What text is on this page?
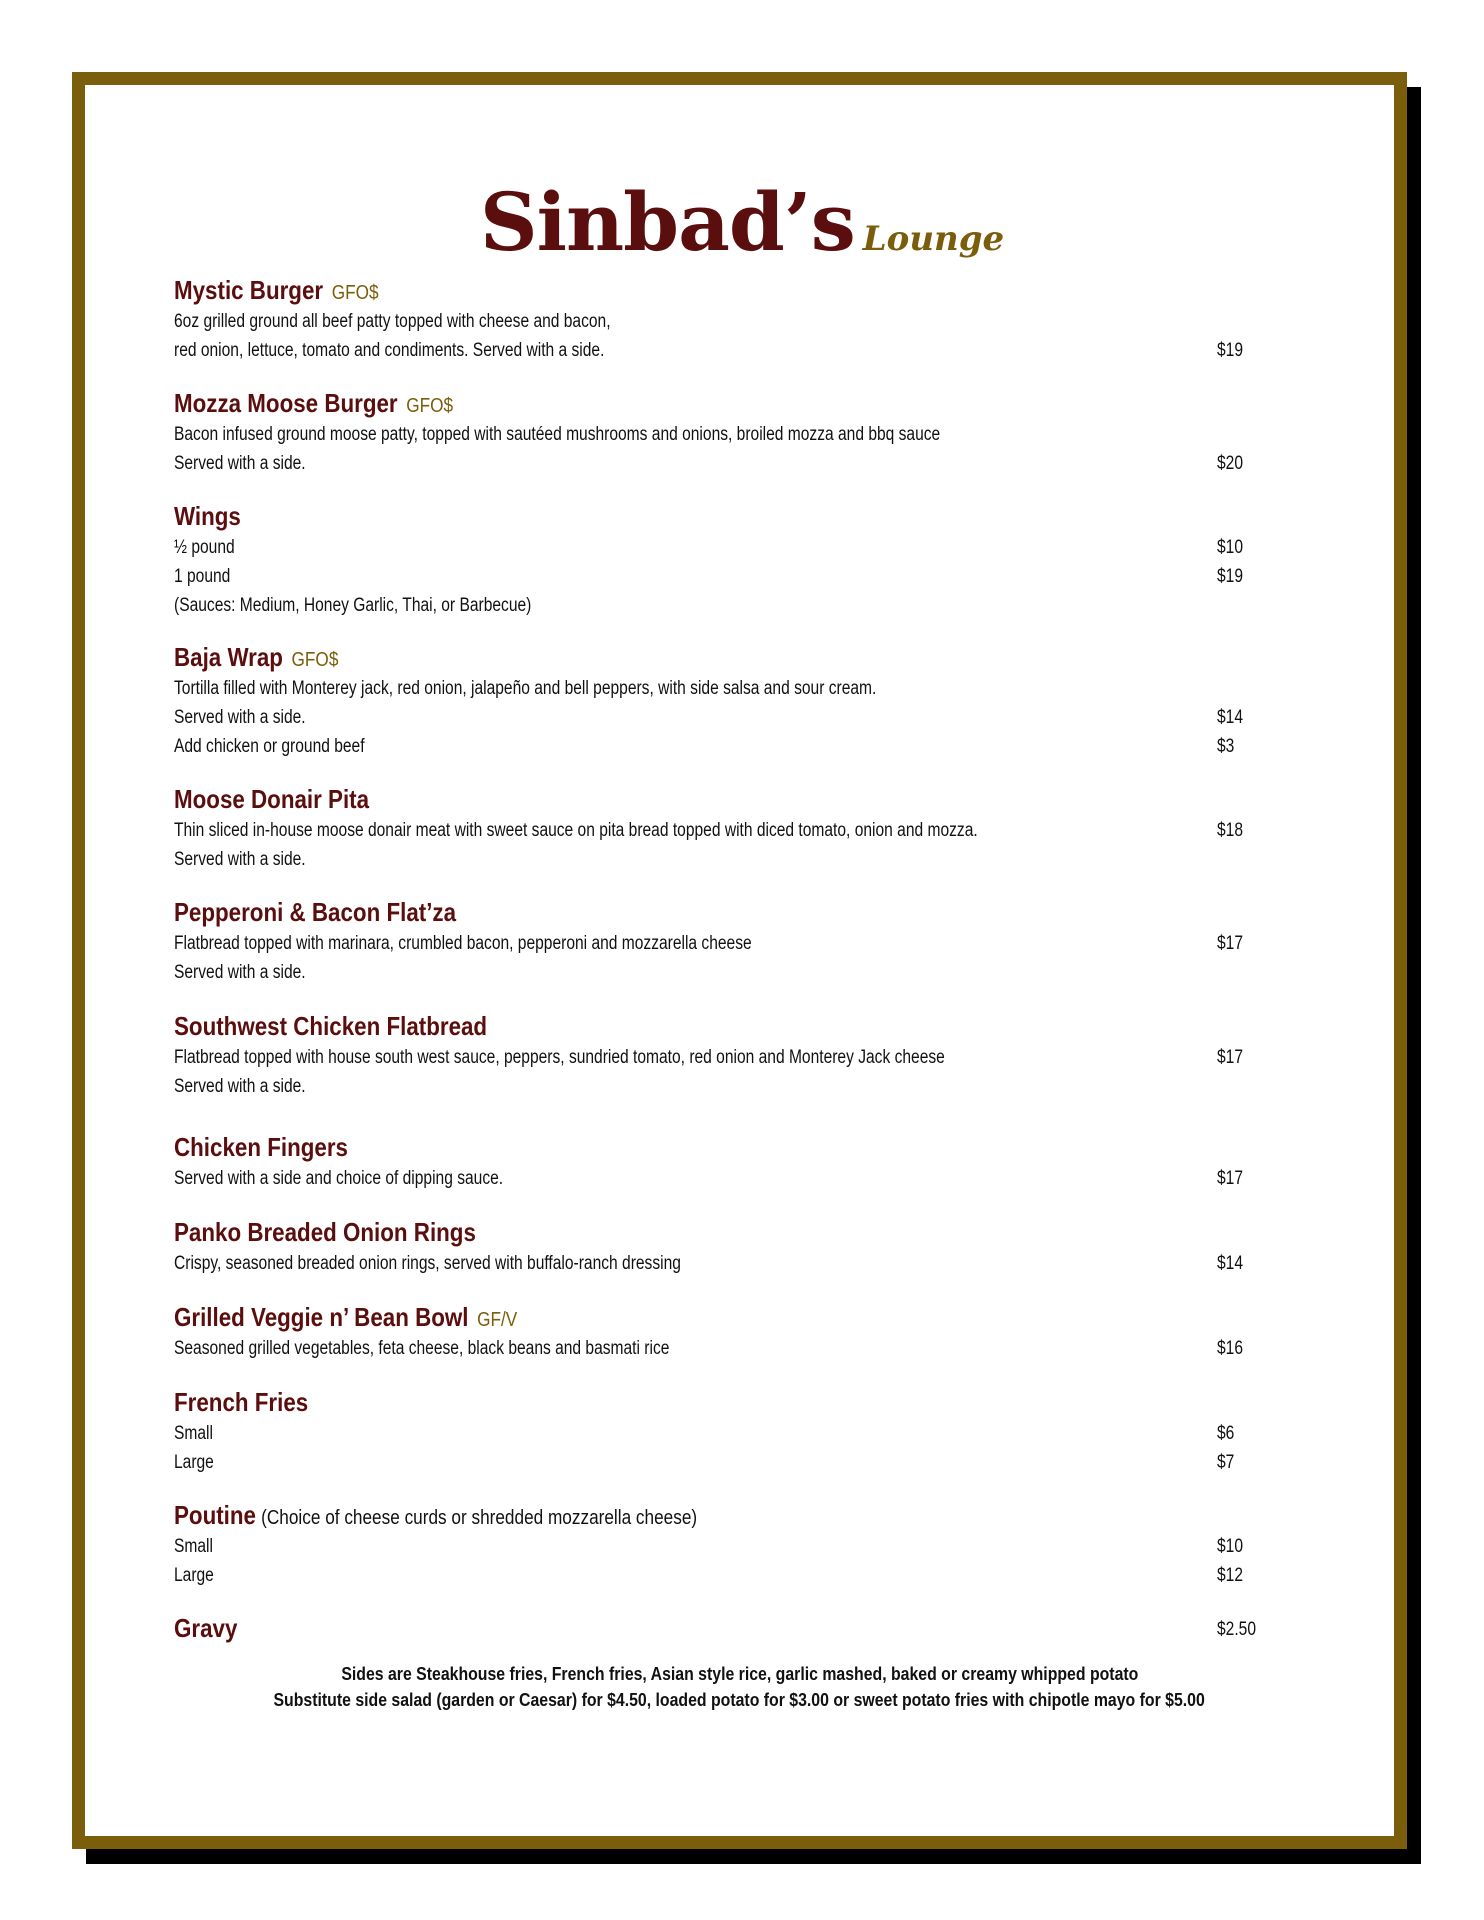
Sinbad’s Lounge
Mystic Burger GFO$
6oz grilled ground all beef patty topped with cheese and bacon,
red onion, lettuce, tomato and condiments. Served with a side.	$19
Mozza Moose Burger GFO$
Bacon infused ground moose patty, topped with sautéed mushrooms and onions, broiled mozza and bbq sauce
Served with a side.	$20
Wings
½ pound	$10
1 pound	$19
(Sauces: Medium, Honey Garlic, Thai, or Barbecue)
Baja Wrap GFO$
Tortilla filled with Monterey jack, red onion, jalapeño and bell peppers, with side salsa and sour cream.
Served with a side.	$14
Add chicken or ground beef	$3
Moose Donair Pita
Thin sliced in-house moose donair meat with sweet sauce on pita bread topped with diced tomato, onion and mozza.	$18
Served with a side.
Pepperoni & Bacon Flat’za
Flatbread topped with marinara, crumbled bacon, pepperoni and mozzarella cheese	$17
Served with a side.
Southwest Chicken Flatbread
Flatbread topped with house south west sauce, peppers, sundried tomato, red onion and Monterey Jack cheese	$17
Served with a side.
Chicken Fingers
Served with a side and choice of dipping sauce.	$17
Panko Breaded Onion Rings
Crispy, seasoned breaded onion rings, served with buffalo-ranch dressing	$14
Grilled Veggie n’ Bean Bowl GF/V
Seasoned grilled vegetables, feta cheese, black beans and basmati rice	$16
French Fries
Small	$6
Large	$7
Poutine (Choice of cheese curds or shredded mozzarella cheese)
Small	$10
Large	$12
Gravy	$2.50
Sides are Steakhouse fries, French fries, Asian style rice, garlic mashed, baked or creamy whipped potato
Substitute side salad (garden or Caesar) for $4.50, loaded potato for $3.00 or sweet potato fries with chipotle mayo for $5.00
